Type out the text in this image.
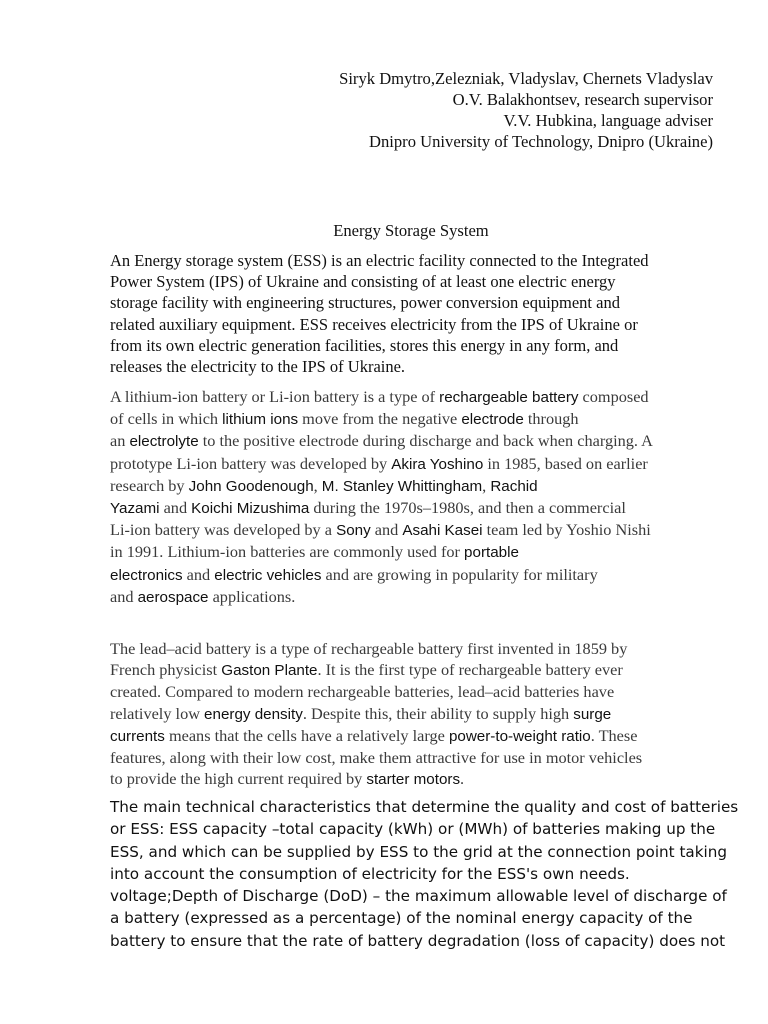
Siryk Dmytro,Zelezniak, Vladyslav, Chernets Vladyslav
O.V. Balakhontsev, research supervisor
V.V. Hubkina, language adviser
Dnipro University of Technology, Dnipro (Ukraine)
Energy Storage System

An Energy storage system (ESS) is an electric facility connected to the Integrated
Power System (IPS) of Ukraine and consisting of at least one electric energy
storage facility with engineering structures, power conversion equipment and
related auxiliary equipment. ESS receives electricity from the IPS of Ukraine or
from its own electric generation facilities, stores this energy in any form, and
releases the electricity to the IPS of Ukraine.

A lithium-ion battery or Li-ion battery is a type of rechargeable battery composed
of cells in which lithium ions move from the negative electrode through
an electrolyte to the positive electrode during discharge and back when charging. A
prototype Li-ion battery was developed by Akira Yoshino in 1985, based on earlier
research by John Goodenough, M. Stanley Whittingham, Rachid
Yazami and Koichi Mizushima during the 1970s–1980s, and then a commercial
Li-ion battery was developed by a Sony and Asahi Kasei team led by Yoshio Nishi
in 1991. Lithium-ion batteries are commonly used for portable
electronics and electric vehicles and are growing in popularity for military
and aerospace applications.

The lead–acid battery is a type of rechargeable battery first invented in 1859 by
French physicist Gaston Plante. It is the first type of rechargeable battery ever
created. Compared to modern rechargeable batteries, lead–acid batteries have
relatively low energy density. Despite this, their ability to supply high surge
currents means that the cells have a relatively large power-to-weight ratio. These
features, along with their low cost, make them attractive for use in motor vehicles
to provide the high current required by starter motors.

The main technical characteristics that determine the quality and cost of batteries
or ESS: ESS capacity –total capacity (kWh) or (MWh) of batteries making up the
ESS, and which can be supplied by ESS to the grid at the connection point taking
into account the consumption of electricity for the ESS's own needs.
voltage;Depth of Discharge (DoD) – the maximum allowable level of discharge of
a battery (expressed as a percentage) of the nominal energy capacity of the
battery to ensure that the rate of battery degradation (loss of capacity) does not
